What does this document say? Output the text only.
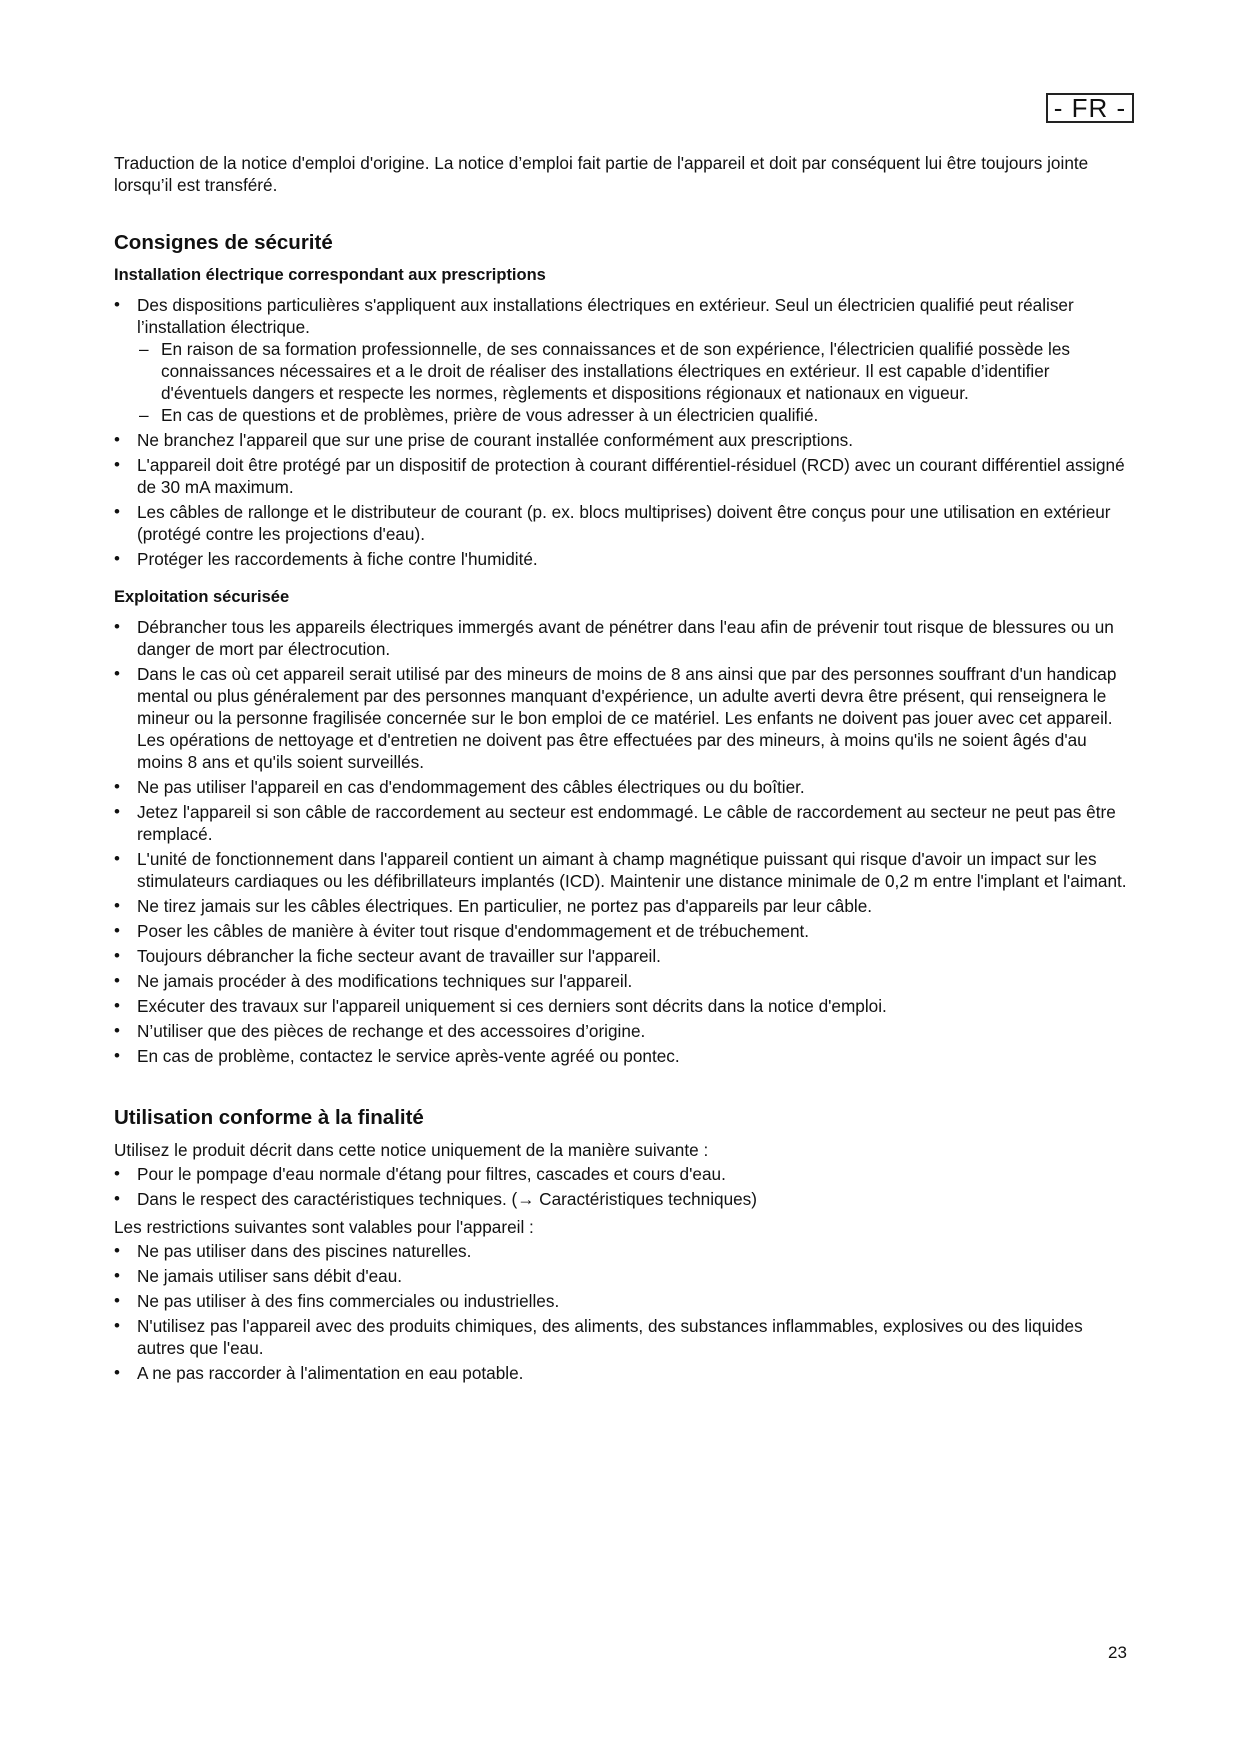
- FR -

Traduction de la notice d'emploi d'origine. La notice d’emploi fait partie de l'appareil et doit par conséquent lui être toujours jointe lorsqu’il est transféré.

Consignes de sécurité
Installation électrique correspondant aux prescriptions
• Des dispositions particulières s'appliquent aux installations électriques en extérieur. Seul un électricien qualifié peut réaliser l’installation électrique.
– En raison de sa formation professionnelle, de ses connaissances et de son expérience, l'électricien qualifié possède les connaissances nécessaires et a le droit de réaliser des installations électriques en extérieur. Il est capable d’identifier d'éventuels dangers et respecte les normes, règlements et dispositions régionaux et nationaux en vigueur.
– En cas de questions et de problèmes, prière de vous adresser à un électricien qualifié.
• Ne branchez l'appareil que sur une prise de courant installée conformément aux prescriptions.
• L'appareil doit être protégé par un dispositif de protection à courant différentiel-résiduel (RCD) avec un courant différentiel assigné de 30 mA maximum.
• Les câbles de rallonge et le distributeur de courant (p. ex. blocs multiprises) doivent être conçus pour une utilisation en extérieur (protégé contre les projections d'eau).
• Protéger les raccordements à fiche contre l'humidité.
Exploitation sécurisée
• Débrancher tous les appareils électriques immergés avant de pénétrer dans l'eau afin de prévenir tout risque de blessures ou un danger de mort par électrocution.
• Dans le cas où cet appareil serait utilisé par des mineurs de moins de 8 ans ainsi que par des personnes souffrant d'un handicap mental ou plus généralement par des personnes manquant d'expérience, un adulte averti devra être présent, qui renseignera le mineur ou la personne fragilisée concernée sur le bon emploi de ce matériel. Les enfants ne doivent pas jouer avec cet appareil. Les opérations de nettoyage et d'entretien ne doivent pas être effectuées par des mineurs, à moins qu'ils ne soient âgés d'au moins 8 ans et qu'ils soient surveillés.
• Ne pas utiliser l'appareil en cas d'endommagement des câbles électriques ou du boîtier.
• Jetez l'appareil si son câble de raccordement au secteur est endommagé. Le câble de raccordement au secteur ne peut pas être remplacé.
• L'unité de fonctionnement dans l'appareil contient un aimant à champ magnétique puissant qui risque d'avoir un impact sur les stimulateurs cardiaques ou les défibrillateurs implantés (ICD). Maintenir une distance minimale de 0,2 m entre l'implant et l'aimant.
• Ne tirez jamais sur les câbles électriques. En particulier, ne portez pas d'appareils par leur câble.
• Poser les câbles de manière à éviter tout risque d'endommagement et de trébuchement.
• Toujours débrancher la fiche secteur avant de travailler sur l'appareil.
• Ne jamais procéder à des modifications techniques sur l'appareil.
• Exécuter des travaux sur l'appareil uniquement si ces derniers sont décrits dans la notice d'emploi.
• N’utiliser que des pièces de rechange et des accessoires d’origine.
• En cas de problème, contactez le service après-vente agréé ou pontec.
Utilisation conforme à la finalité

Utilisez le produit décrit dans cette notice uniquement de la manière suivante :

• Pour le pompage d'eau normale d'étang pour filtres, cascades et cours d'eau.
• Dans le respect des caractéristiques techniques. (→ Caractéristiques techniques)

Les restrictions suivantes sont valables pour l'appareil :

• Ne pas utiliser dans des piscines naturelles.
• Ne jamais utiliser sans débit d'eau.
• Ne pas utiliser à des fins commerciales ou industrielles.
• N'utilisez pas l'appareil avec des produits chimiques, des aliments, des substances inflammables, explosives ou des liquides autres que l'eau.
• A ne pas raccorder à l'alimentation en eau potable.
23
